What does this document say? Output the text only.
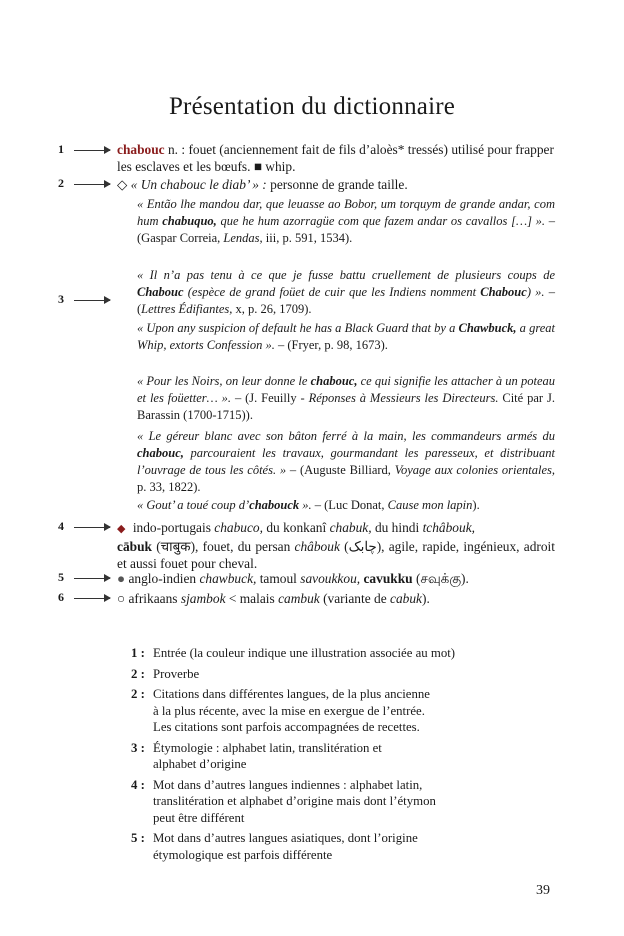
Présentation du dictionnaire
1
2
3
4
5
6

chabouc n. : fouet (anciennement fait de fils d’aloès* tressés) utilisé pour frapper les esclaves et les bœufs. ■ whip.

◇ « Un chabouc le diab’ » : personne de grande taille.

« Então lhe mandou dar, que leuasse ao Bobor, um torquym de grande andar, com hum chabuquo, que he hum azorragüe com que fazem andar os cavallos […] ». – (Gaspar Correia, Lendas, iii, p. 591, 1534).
« Il n’a pas tenu à ce que je fusse battu cruellement de plusieurs coups de Chabouc (espèce de grand foüet de cuir que les Indiens nomment Chabouc) ». – (Lettres Édifiantes, x, p. 26, 1709).
« Upon any suspicion of default he has a Black Guard that by a Chawbuck, a great Whip, extorts Confession ». – (Fryer, p. 98, 1673).
« Pour les Noirs, on leur donne le chabouc, ce qui signifie les attacher à un poteau et les foüetter… ». – (J. Feuilly - Réponses à Messieurs les Directeurs. Cité par J. Barassin (1700-1715)).
« Le géreur blanc avec son bâton ferré à la main, les commandeurs armés du chabouc, parcouraient les travaux, gourmandant les paresseux, et distribuant l’ouvrage de tous les côtés. » – (Auguste Billiard, Voyage aux colonies orientales, p. 33, 1822).
« Gout’ a toué coup d’chabouck ». – (Luc Donat, Cause mon lapin).
◆ indo-portugais chabuco, du konkanî chabuk, du hindi tchâbouk,
cābuk (चाबुक), fouet, du persan châbouk (چابک), agile, rapide, ingénieux, adroit et aussi fouet pour cheval.
● anglo-indien chawbuck, tamoul savoukkou, cavukku (சவுக்கு).
○ afrikaans sjambok < malais cambuk (variante de cabuk).
1 : Entrée (la couleur indique une illustration associée au mot)
2 : Proverbe
2 : Citations dans différentes langues, de la plus ancienne
à la plus récente, avec la mise en exergue de l’entrée.
Les citations sont parfois accompagnées de recettes.
3 : Étymologie : alphabet latin, translitération et
alphabet d’origine
4 : Mot dans d’autres langues indiennes : alphabet latin,
translitération et alphabet d’origine mais dont l’étymon
peut être différent
5 : Mot dans d’autres langues asiatiques, dont l’origine
étymologique est parfois différente
39
